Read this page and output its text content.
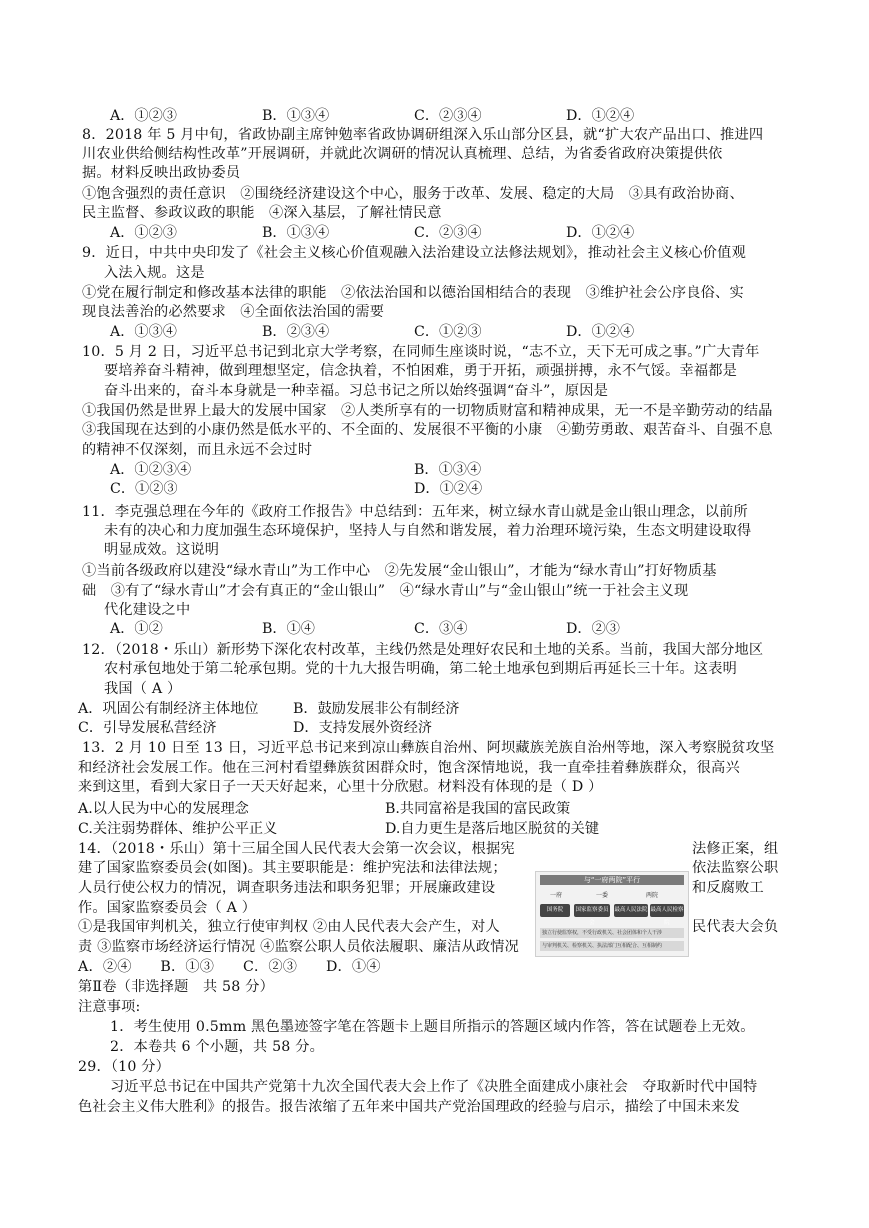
A．①②③	B．①③④	C．②③④	D．①②④
8．2018 年 5 月中旬，省政协副主席钟勉率省政协调研组深入乐山部分区县，就“扩大农产品出口、推进四
川农业供给侧结构性改革”开展调研，并就此次调研的情况认真梳理、总结，为省委省政府决策提供依
据。材料反映出政协委员
①饱含强烈的责任意识　②围绕经济建设这个中心，服务于改革、发展、稳定的大局　③具有政治协商、
民主监督、参政议政的职能　④深入基层，了解社情民意
A．①②③	B．①③④	C．②③④	D．①②④
9．近日，中共中央印发了《社会主义核心价值观融入法治建设立法修法规划》，推动社会主义核心价值观
入法入规。这是
①党在履行制定和修改基本法律的职能　②依法治国和以德治国相结合的表现　③维护社会公序良俗、实
现良法善治的必然要求　④全面依法治国的需要
A．①③④	B．②③④	C．①②③	D．①②④
10．5 月 2 日，习近平总书记到北京大学考察，在同师生座谈时说，“志不立，天下无可成之事。”广大青年
要培养奋斗精神，做到理想坚定，信念执着，不怕困难，勇于开拓，顽强拼搏，永不气馁。幸福都是
奋斗出来的，奋斗本身就是一种幸福。习总书记之所以始终强调“奋斗”，原因是
①我国仍然是世界上最大的发展中国家　②人类所享有的一切物质财富和精神成果，无一不是辛勤劳动的结晶
③我国现在达到的小康仍然是低水平的、不全面的、发展很不平衡的小康　④勤劳勇敢、艰苦奋斗、自强不息
的精神不仅深刻，而且永远不会过时
A．①②③④	B．①③④
C．①②③	D．①②④
11．李克强总理在今年的《政府工作报告》中总结到：五年来，树立绿水青山就是金山银山理念，以前所
未有的决心和力度加强生态环境保护，坚持人与自然和谐发展，着力治理环境污染，生态文明建设取得
明显成效。这说明
①当前各级政府以建没“绿水青山”为工作中心　②先发展“金山银山”，才能为“绿水青山”打好物质基
础　③有了“绿水青山”才会有真正的“金山银山”　④“绿水青山”与“金山银山”统一于社会主义现
代化建设之中
A．①②	B．①④	C．③④	D．②③
12．（2018・乐山）新形势下深化农村改革，主线仍然是处理好农民和土地的关系。当前，我国大部分地区
农村承包地处于第二轮承包期。党的十九大报告明确，第二轮土地承包到期后再延长三十年。这表明
我国（ A ）
A．巩固公有制经济主体地位 B．鼓励发展非公有制经济
C．引导发展私营经济	D．支持发展外资经济
13．2 月 10 日至 13 日，习近平总书记来到凉山彝族自治州、阿坝藏族羌族自治州等地，深入考察脱贫攻坚
和经济社会发展工作。他在三河村看望彝族贫困群众时，饱含深情地说，我一直牵挂着彝族群众，很高兴
来到这里，看到大家日子一天天好起来，心里十分欣慰。材料没有体现的是（ D ）
A.以人民为中心的发展理念	B.共同富裕是我国的富民政策
C.关注弱势群体、维护公平正义	D.自力更生是落后地区脱贫的关键
14．（2018・乐山）第十三届全国人民代表大会第一次会议，根据宪
建了国家监察委员会(如图)。其主要职能是：维护宪法和法律法规；
人员行使公权力的情况，调查职务违法和职务犯罪；开展廉政建设
作。国家监察委员会（ A ）
①是我国审判机关，独立行使审判权 ②由人民代表大会产生，对人
责 ③监察市场经济运行情况 ④监察公职人员依法履职、廉洁从政情况
法修正案，组
依法监察公职
和反腐败工
民代表大会负
与“一府两院”平行
一府	一委	两院
国务院	国家监察委员会
最高人民法院 最高人民检察院
独立行使监察权，不受行政机关、社会团体和个人干涉
与审判机关、检察机关、执法部门互相配合、互相制约
A．②④　　B．①③　　C．②③　　D．①④
第Ⅱ卷（非选择题　共 58 分）
注意事项:
1．考生使用 0.5mm 黑色墨迹签字笔在答题卡上题目所指示的答题区域内作答，答在试题卷上无效。
2．本卷共 6 个小题，共 58 分。
29．（10 分）
习近平总书记在中国共产党第十九次全国代表大会上作了《决胜全面建成小康社会　夺取新时代中国特
色社会主义伟大胜利》的报告。报告浓缩了五年来中国共产党治国理政的经验与启示，描绘了中国未来发
